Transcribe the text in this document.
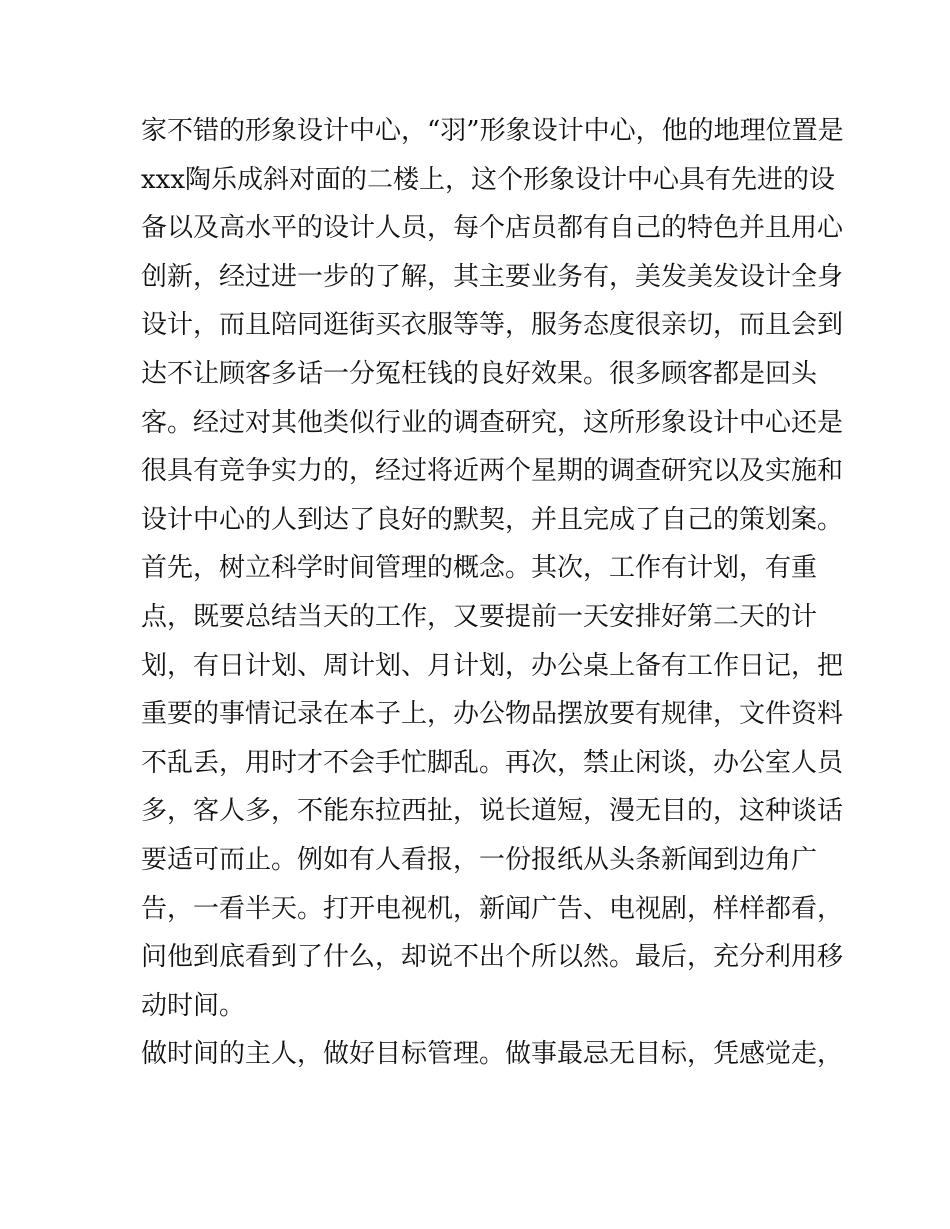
家不错的形象设计中心，“羽”形象设计中心，他的地理位置是
xxx陶乐成斜对面的二楼上，这个形象设计中心具有先进的设
备以及高水平的设计人员，每个店员都有自己的特色并且用心
创新，经过进一步的了解，其主要业务有，美发美发设计全身
设计，而且陪同逛街买衣服等等，服务态度很亲切，而且会到
达不让顾客多话一分冤枉钱的良好效果。很多顾客都是回头
客。经过对其他类似行业的调查研究，这所形象设计中心还是
很具有竞争实力的，经过将近两个星期的调查研究以及实施和
设计中心的人到达了良好的默契，并且完成了自己的策划案。
首先，树立科学时间管理的概念。其次，工作有计划，有重
点，既要总结当天的工作，又要提前一天安排好第二天的计
划，有日计划、周计划、月计划，办公桌上备有工作日记，把
重要的事情记录在本子上，办公物品摆放要有规律，文件资料
不乱丢，用时才不会手忙脚乱。再次，禁止闲谈，办公室人员
多，客人多，不能东拉西扯，说长道短，漫无目的，这种谈话
要适可而止。例如有人看报，一份报纸从头条新闻到边角广
告，一看半天。打开电视机，新闻广告、电视剧，样样都看，
问他到底看到了什么，却说不出个所以然。最后，充分利用移
动时间。
做时间的主人，做好目标管理。做事最忌无目标，凭感觉走，
